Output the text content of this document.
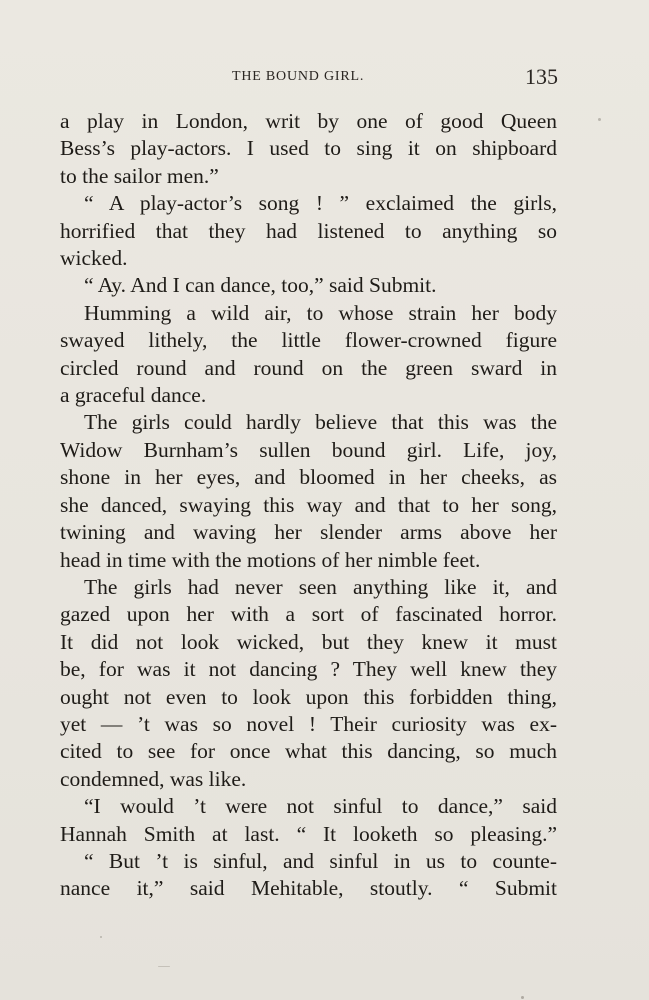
THE BOUND GIRL.	135

a play in London, writ by one of good Queen
Bess’s play-actors. I used to sing it on shipboard
to the sailor men.”

“ A play-actor’s song ! ” exclaimed the girls,
horrified that they had listened to anything so
wicked.

“ Ay. And I can dance, too,” said Submit.

Humming a wild air, to whose strain her body
swayed lithely, the little flower-crowned figure
circled round and round on the green sward in
a graceful dance.

The girls could hardly believe that this was the
Widow Burnham’s sullen bound girl. Life, joy,
shone in her eyes, and bloomed in her cheeks, as
she danced, swaying this way and that to her song,
twining and waving her slender arms above her
head in time with the motions of her nimble feet.

The girls had never seen anything like it, and
gazed upon her with a sort of fascinated horror.
It did not look wicked, but they knew it must
be, for was it not dancing ? They well knew they
ought not even to look upon this forbidden thing,
yet — ’t was so novel ! Their curiosity was ex-
cited to see for once what this dancing, so much
condemned, was like.

“I would ’t were not sinful to dance,” said
Hannah Smith at last. “ It looketh so pleasing.”

“ But ’t is sinful, and sinful in us to counte-
nance it,” said Mehitable, stoutly. “ Submit
